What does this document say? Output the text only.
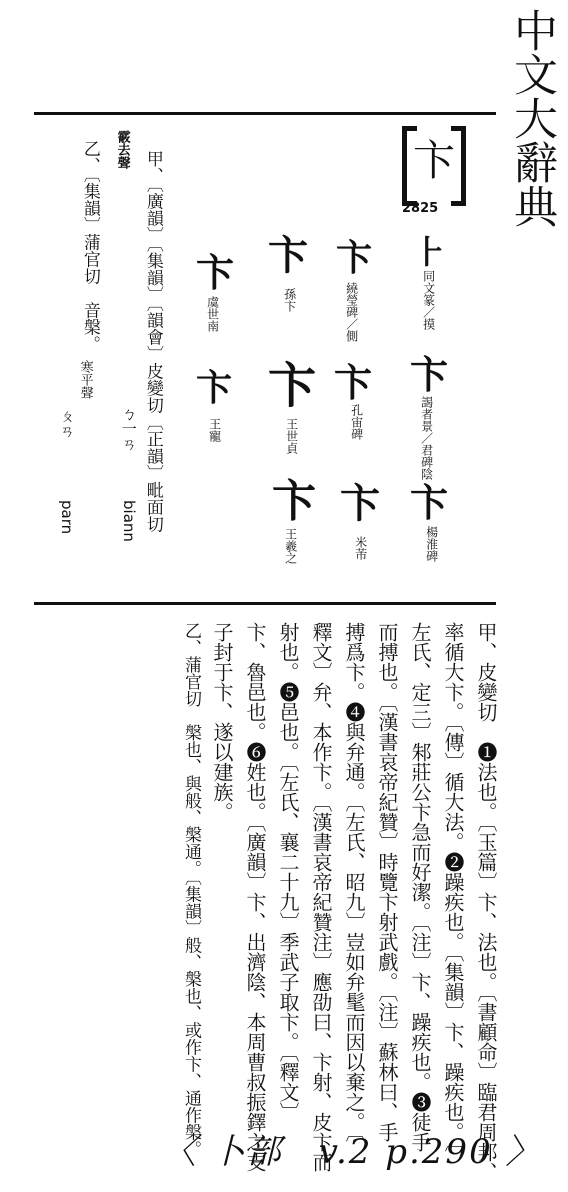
中文大辭典
卞
2825
⺊
同文篆／摸
卞
謁者景／君碑陰
卞
楊淮碑
卞
繞瑩碑／側
卞
孔宙碑
卞
米芾
卞
孫卞
卞
王世貞
卞
王羲之
卞
虞世南
卞
王寵
甲、〔廣韻〕〔集韻〕〔韻會〕皮變切〔正韻〕毗面切
ㄅ一ㄢ
biann
霰去聲
乙、〔集韻〕蒲官切　音槃。
寒平聲
ㄆㄢ
parn
甲、皮變切　❶法也。〔玉篇〕卞、法也。〔書顧命〕臨君周邦、
率循大卞。〔傳〕循大法。❷躁疾也。〔集韻〕卞、躁疾也。〔
左氏、定三〕邾莊公卞急而好潔。〔注〕卞、躁疾也。❸徒手
而搏也。〔漢書哀帝紀贊〕時覽卞射武戲。〔注〕蘇林曰、手
搏爲卞。❹與弁通。〔左氏、昭九〕豈如弁髦而因以棄之。〔
釋文〕弁、本作卞。〔漢書哀帝紀贊注〕應劭曰、卞射、皮卞而
射也。❺邑也。〔左氏、襄二十九〕季武子取卞。〔釋文〕
卞、魯邑也。❻姓也。〔廣韻〕卞、出濟陰、本周曹叔振鐸之支
子封于卞、遂以建族。
乙、蒲官切　槃也、與般、槃通。〔集韻〕般、槃也、或作卞、通作槃。
〈 卜部　v.2 p.290 〉
